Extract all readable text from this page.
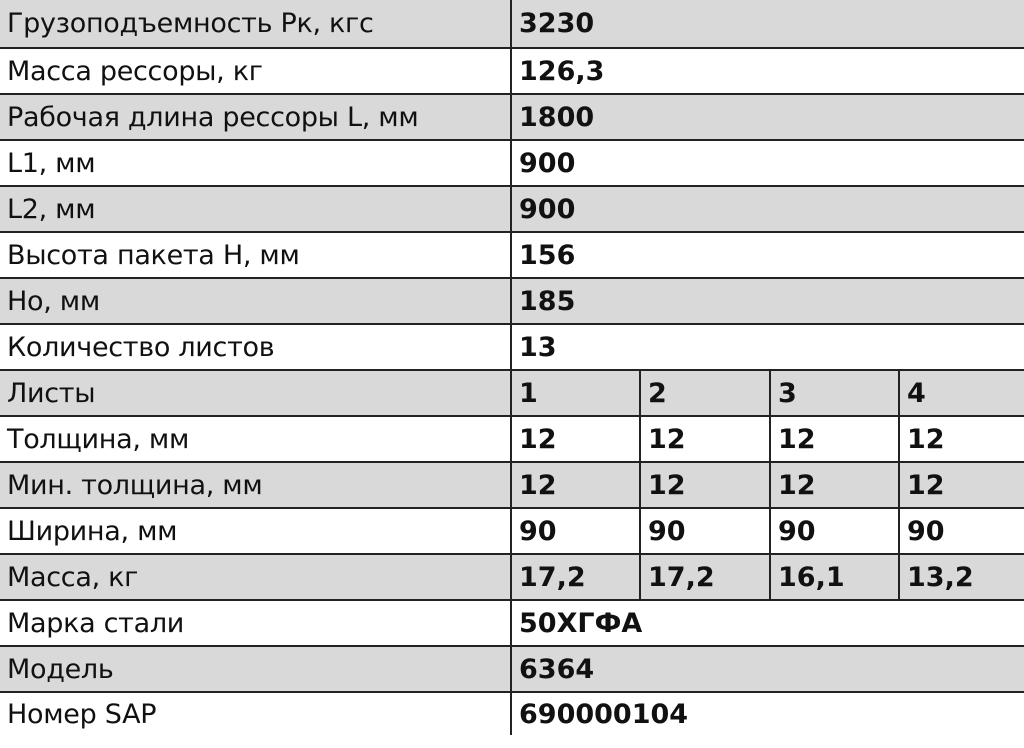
Грузоподъемность Рк, кгс	3230			
Масса рессоры, кг	126,3			
Рабочая длина рессоры L, мм	1800			
L1, мм	900			
L2, мм	900			
Высота пакета Н, мм	156			
Но, мм	185			
Количество листов	13			
Листы	1	2	3	4
Толщина, мм	12	12	12	12
Мин. толщина, мм	12	12	12	12
Ширина, мм	90	90	90	90
Масса, кг	17,2	17,2	16,1	13,2
Марка стали	50ХГФА			
Модель	6364			
Номер SAP	690000104			
